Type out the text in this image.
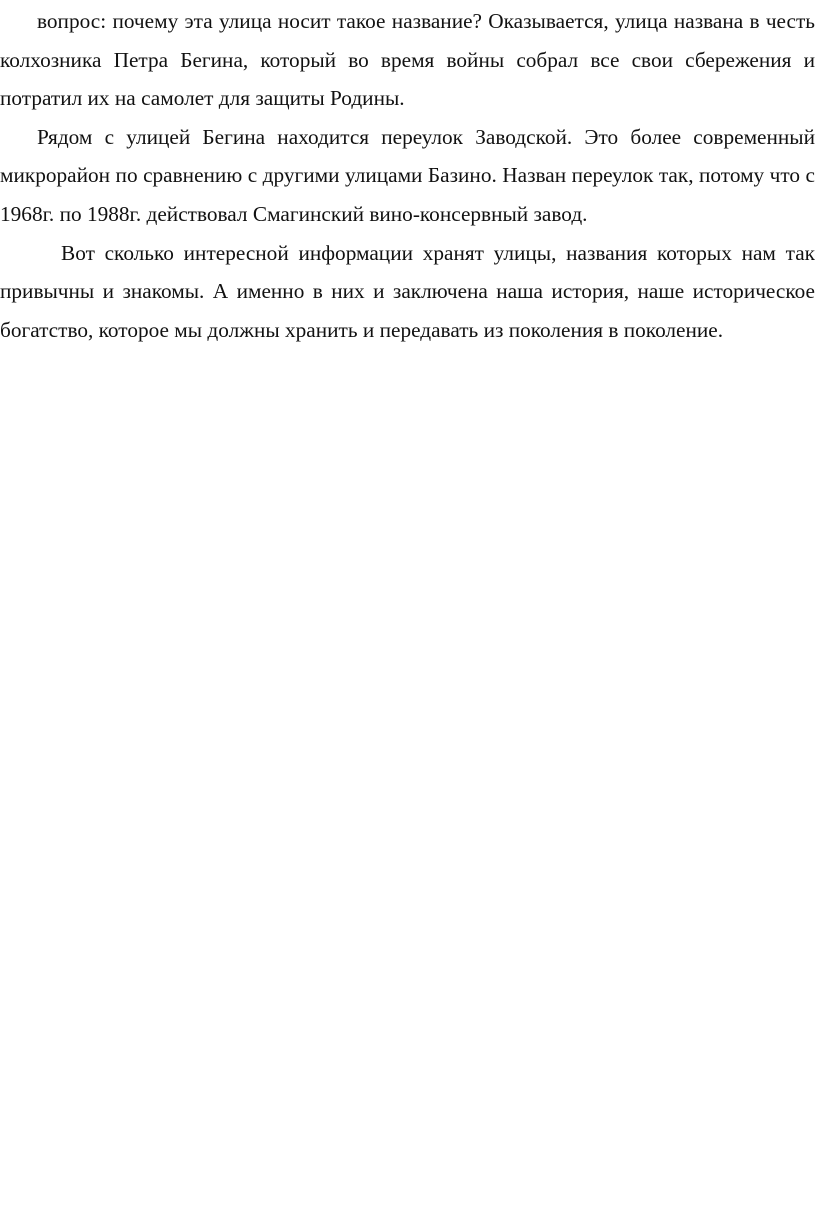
вопрос: почему эта улица носит такое название? Оказывается, улица названа в честь колхозника Петра Бегина, который во время войны собрал все свои сбережения и потратил их на самолет для защиты Родины.

Рядом с улицей Бегина находится переулок Заводской. Это более современный микрорайон по сравнению с другими улицами Базино. Назван переулок так, потому что с 1968г. по 1988г. действовал Смагинский вино-консервный завод.

Вот сколько интересной информации хранят улицы, названия которых нам так привычны и знакомы. А именно в них и заключена наша история, наше историческое богатство, которое мы должны хранить и передавать из поколения в поколение.
